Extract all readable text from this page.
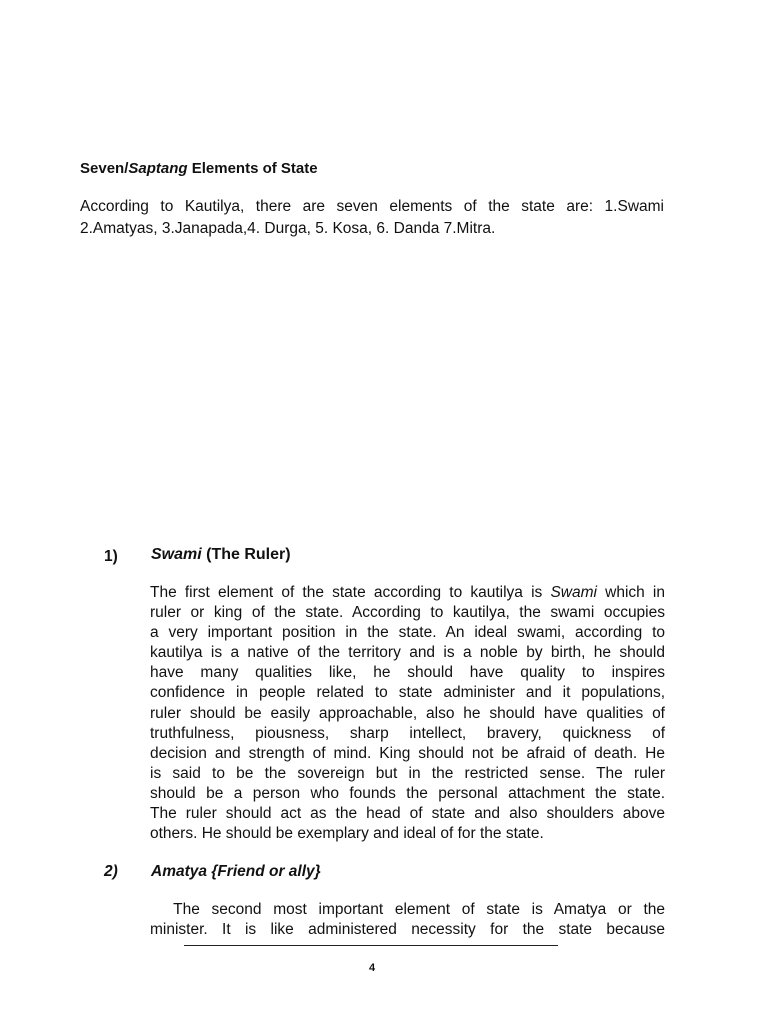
Seven/Saptang Elements of State

According to Kautilya, there are seven elements of the state are: 1.Swami
2.Amatyas, 3.Janapada,4. Durga, 5. Kosa, 6. Danda 7.Mitra.

1) Swami (The Ruler)
The first element of the state according to kautilya is Swami which in
ruler or king of the state. According to kautilya, the swami occupies
a very important position in the state. An ideal swami, according to
kautilya is a native of the territory and is a noble by birth, he should
have many qualities like, he should have quality to inspires
confidence in people related to state administer and it populations,
ruler should be easily approachable, also he should have qualities of
truthfulness, piousness, sharp intellect, bravery, quickness of
decision and strength of mind. King should not be afraid of death. He
is said to be the sovereign but in the restricted sense. The ruler
should be a person who founds the personal attachment the state.
The ruler should act as the head of state and also shoulders above
others. He should be exemplary and ideal of for the state.

2) Amatya {Friend or ally}
The second most important element of state is Amatya or the
minister. It is like administered necessity for the state because

4
